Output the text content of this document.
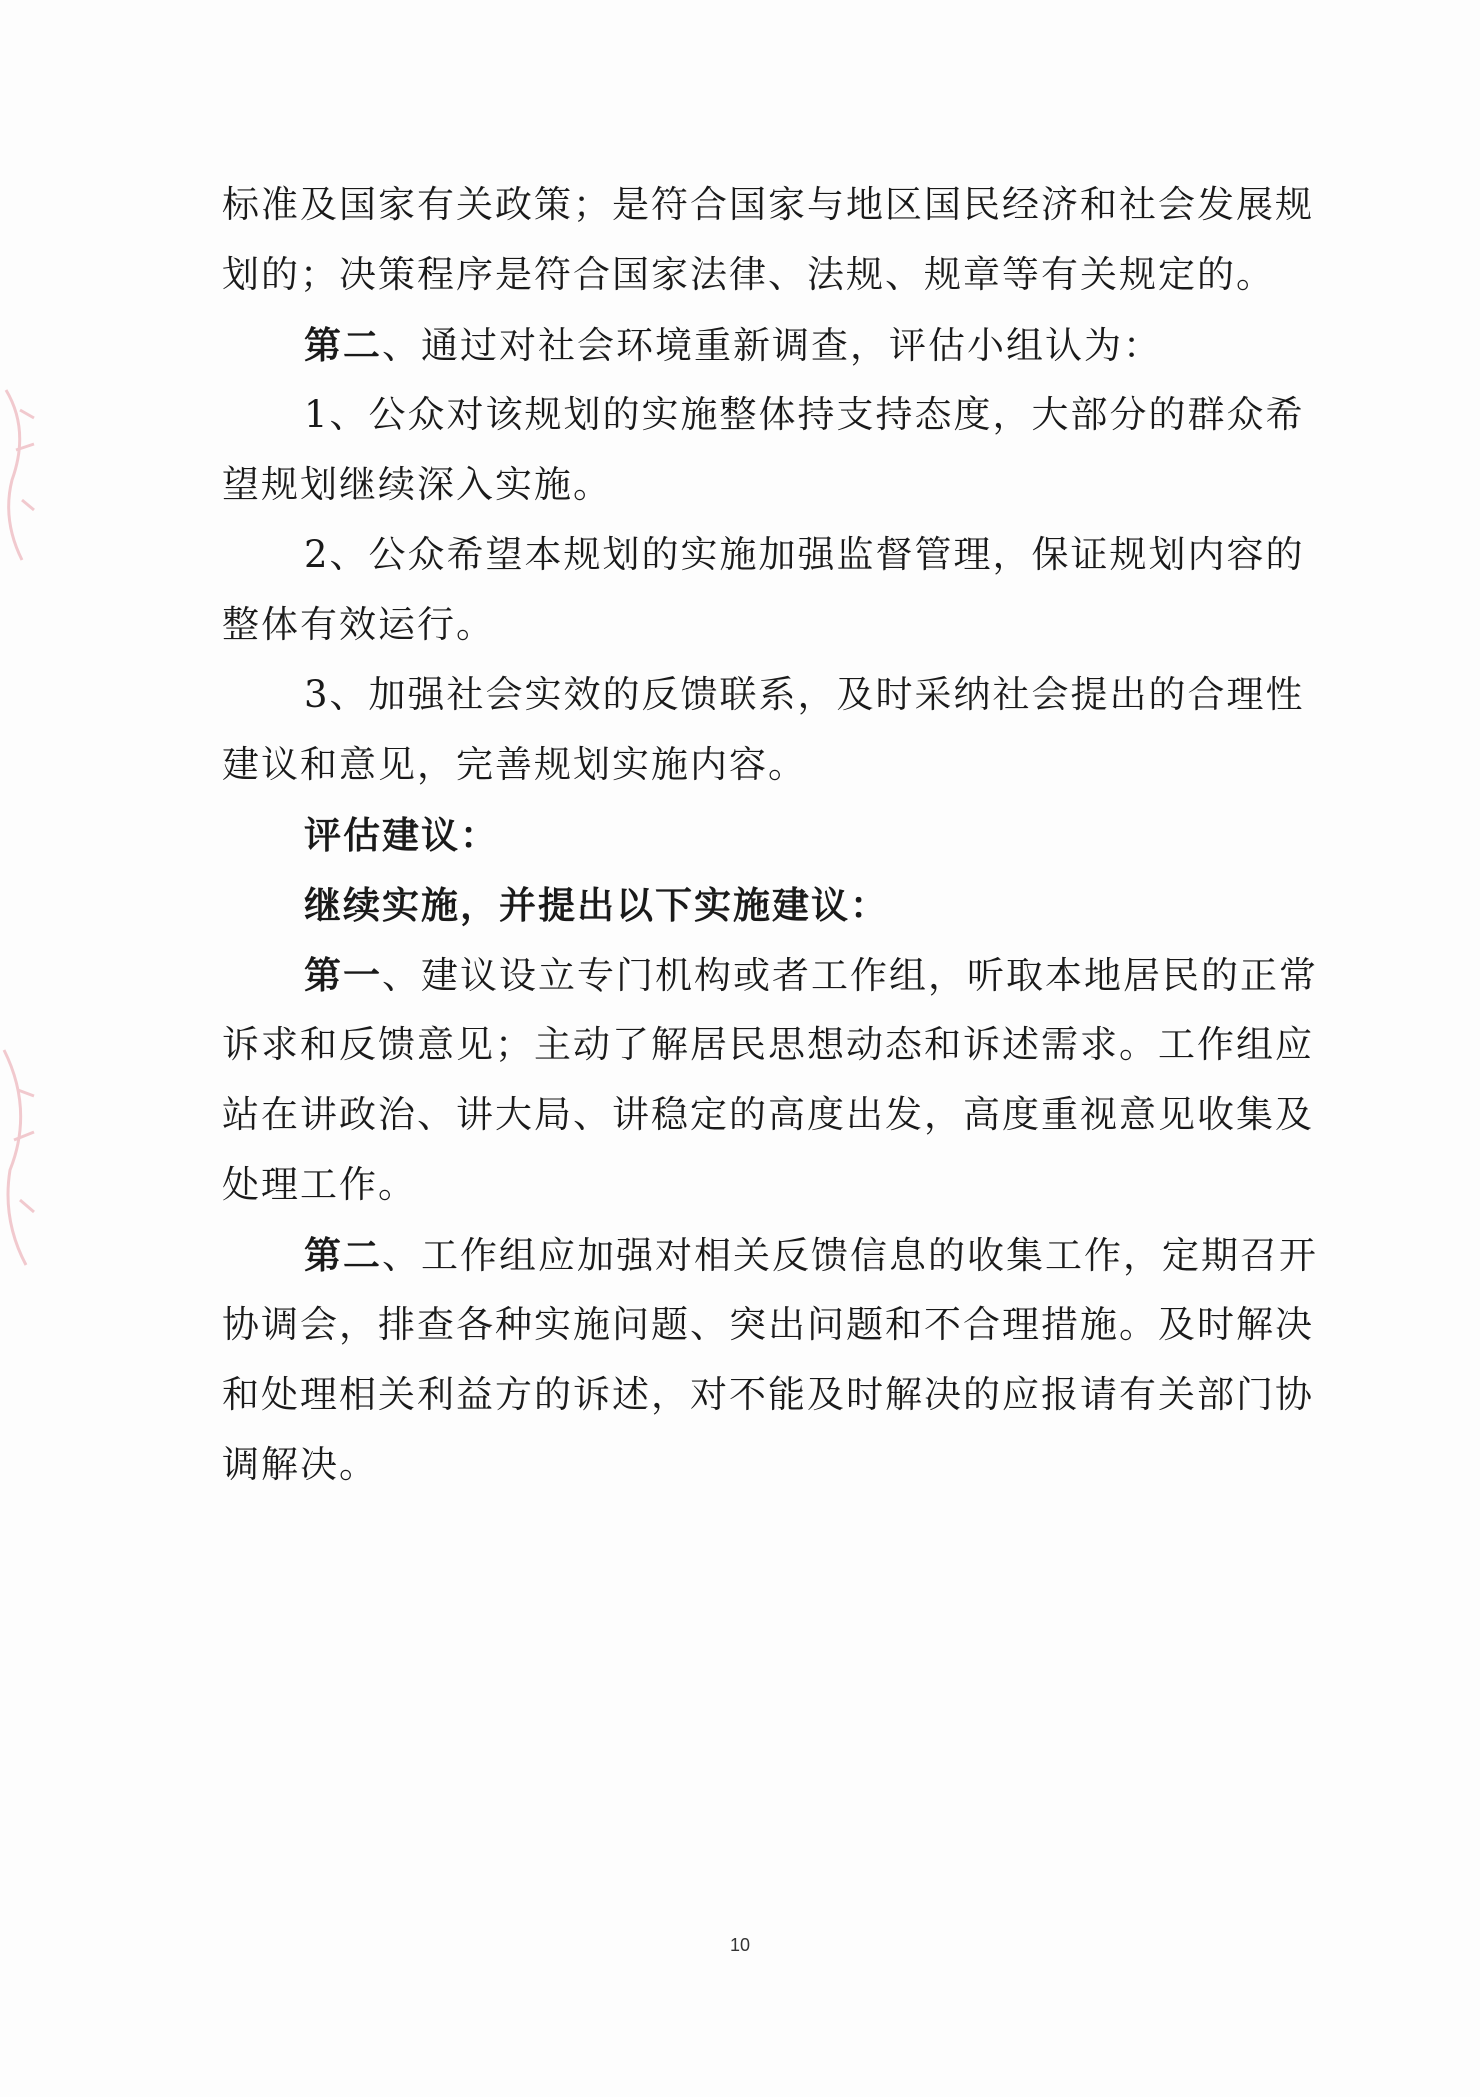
标准及国家有关政策；是符合国家与地区国民经济和社会发展规
划的；决策程序是符合国家法律、法规、规章等有关规定的。
第二、通过对社会环境重新调查，评估小组认为：
1、公众对该规划的实施整体持支持态度，大部分的群众希
望规划继续深入实施。
2、公众希望本规划的实施加强监督管理，保证规划内容的
整体有效运行。
3、加强社会实效的反馈联系，及时采纳社会提出的合理性
建议和意见，完善规划实施内容。
评估建议：
继续实施，并提出以下实施建议：
第一、建议设立专门机构或者工作组，听取本地居民的正常
诉求和反馈意见；主动了解居民思想动态和诉述需求。工作组应
站在讲政治、讲大局、讲稳定的高度出发，高度重视意见收集及
处理工作。
第二、工作组应加强对相关反馈信息的收集工作，定期召开
协调会，排查各种实施问题、突出问题和不合理措施。及时解决
和处理相关利益方的诉述，对不能及时解决的应报请有关部门协
调解决。
10
